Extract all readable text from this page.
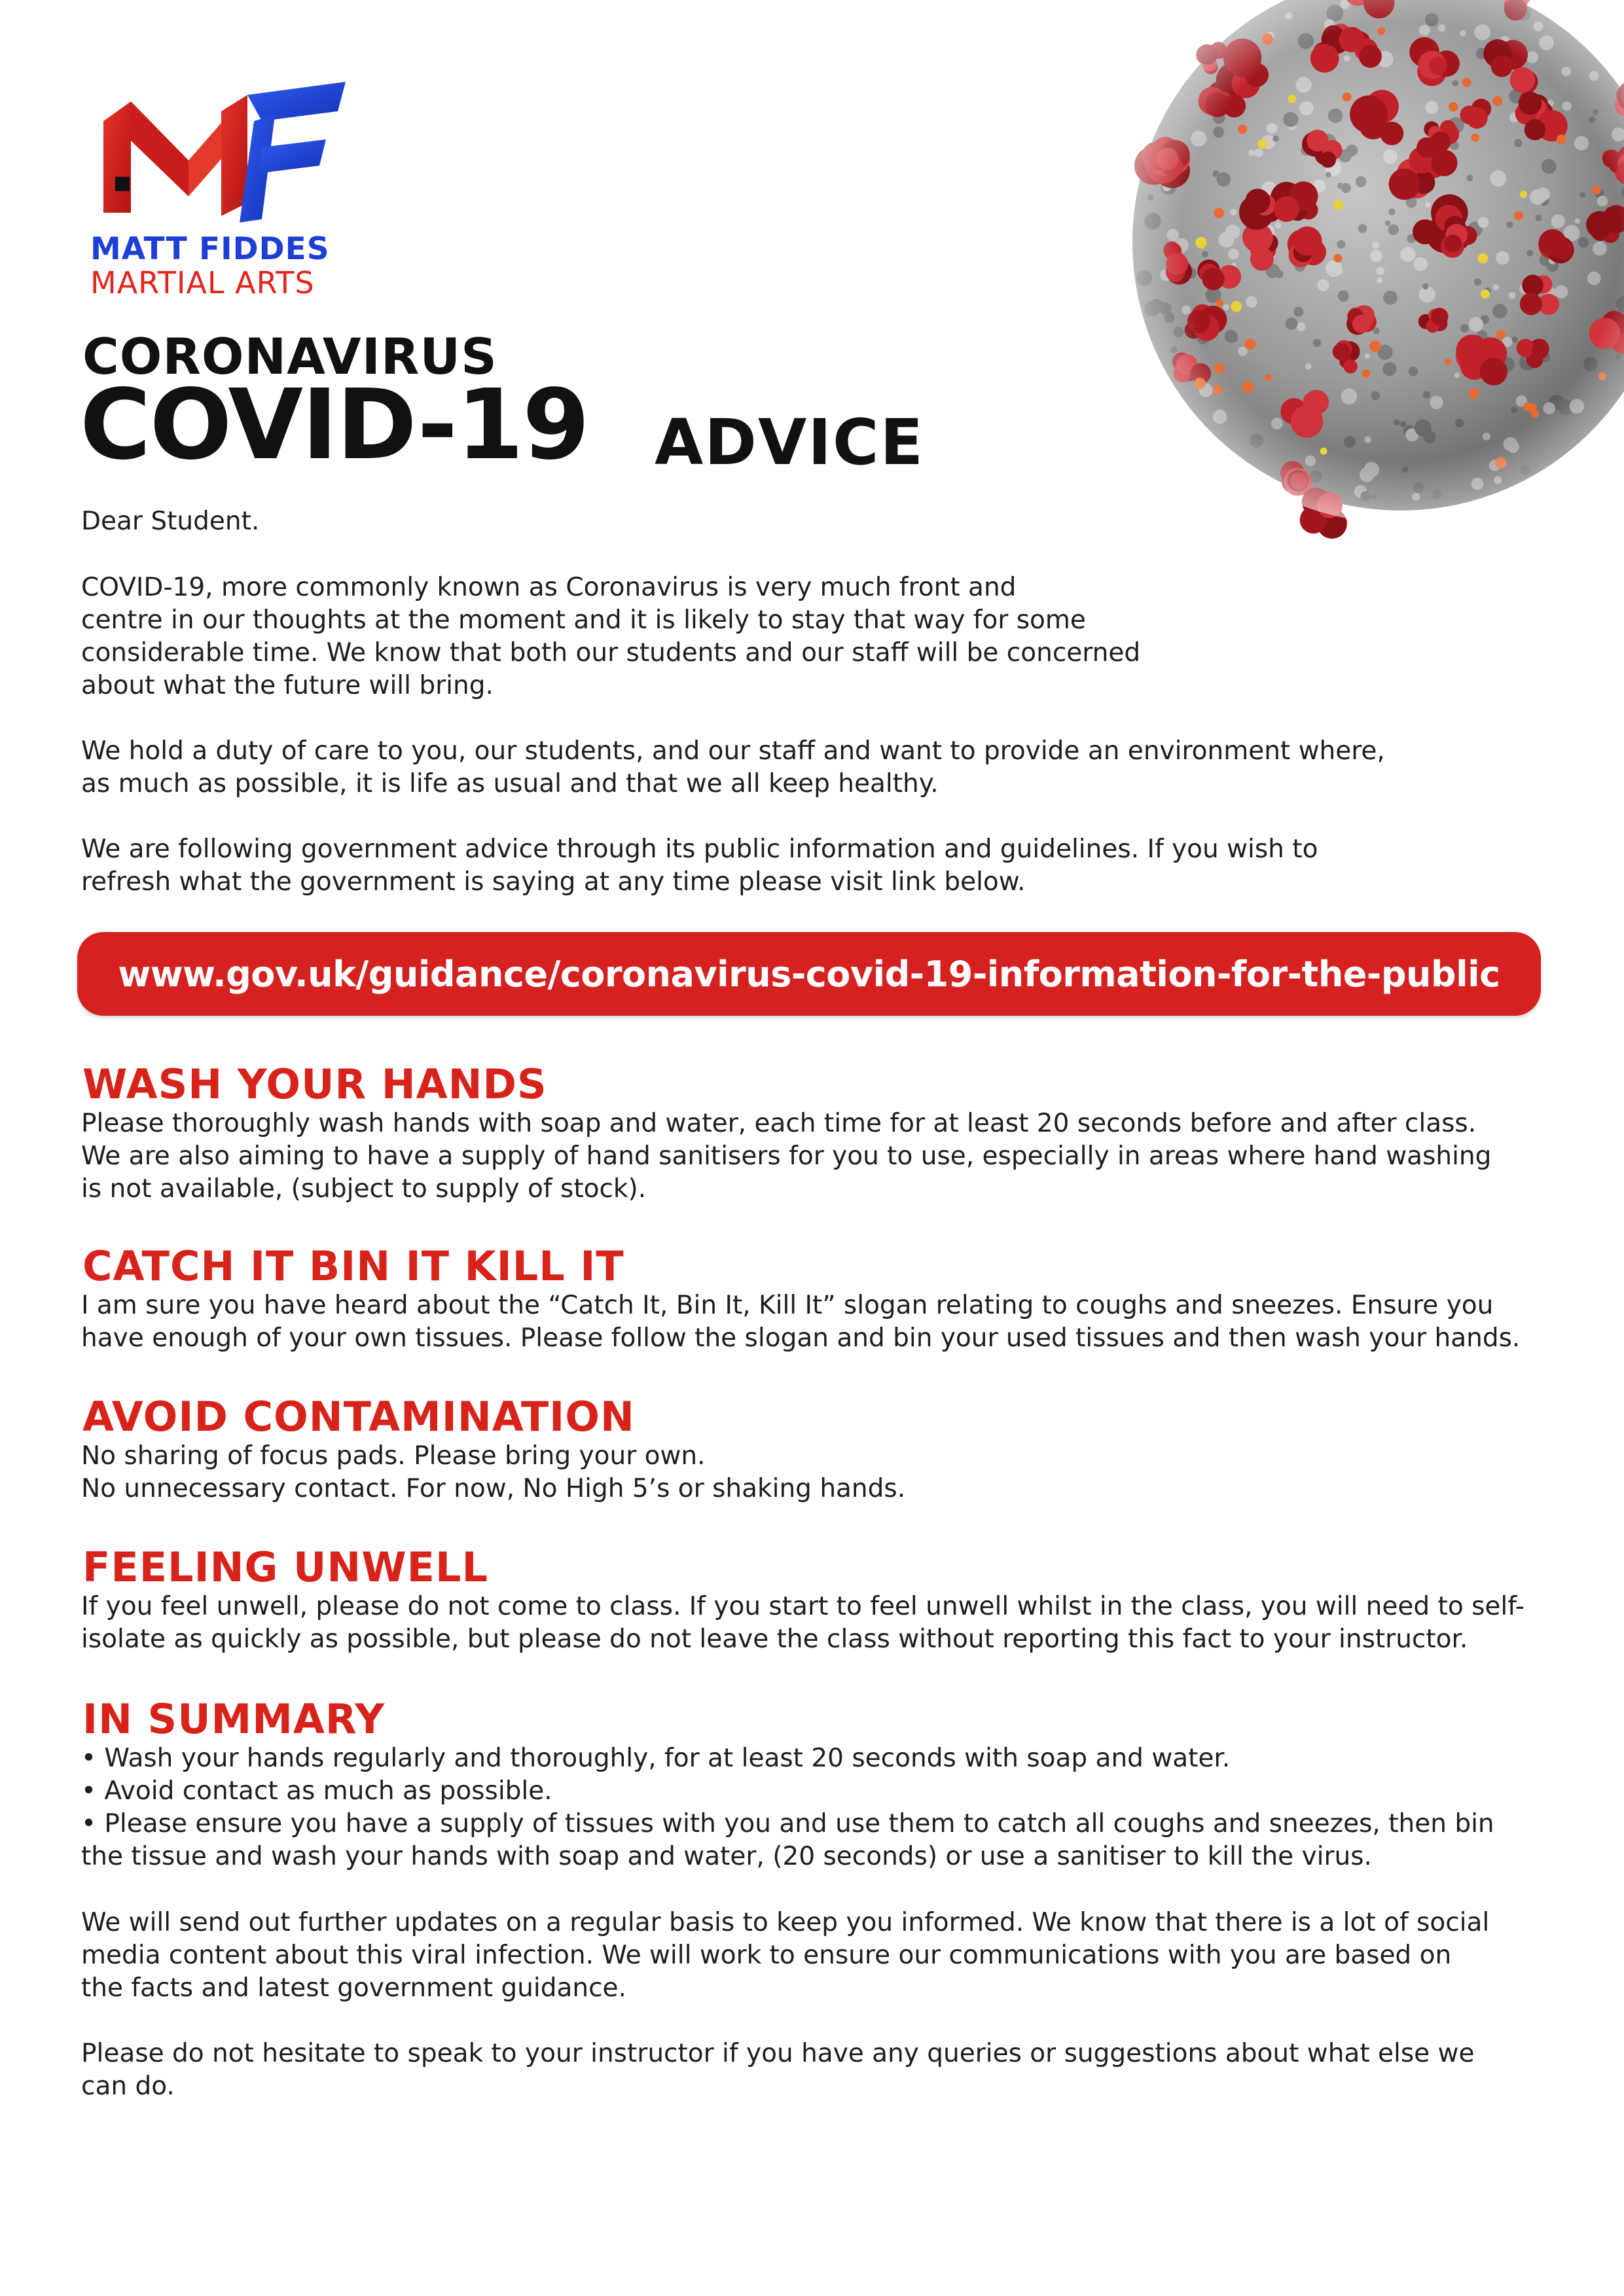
MATT FIDDES
MARTIAL ARTS
CORONAVIRUS
COVID-19 ADVICE
Dear Student.
COVID-19, more commonly known as Coronavirus is very much front and
centre in our thoughts at the moment and it is likely to stay that way for some
considerable time. We know that both our students and our staff will be concerned
about what the future will bring.
We hold a duty of care to you, our students, and our staff and want to provide an environment where,
as much as possible, it is life as usual and that we all keep healthy.
We are following government advice through its public information and guidelines. If you wish to
refresh what the government is saying at any time please visit link below.
www.gov.uk/guidance/coronavirus-covid-19-information-for-the-public
WASH YOUR HANDS
Please thoroughly wash hands with soap and water, each time for at least 20 seconds before and after class.
We are also aiming to have a supply of hand sanitisers for you to use, especially in areas where hand washing
is not available, (subject to supply of stock).
CATCH IT BIN IT KILL IT
I am sure you have heard about the “Catch It, Bin It, Kill It” slogan relating to coughs and sneezes. Ensure you
have enough of your own tissues. Please follow the slogan and bin your used tissues and then wash your hands.
AVOID CONTAMINATION
No sharing of focus pads. Please bring your own.
No unnecessary contact. For now, No High 5’s or shaking hands.
FEELING UNWELL
If you feel unwell, please do not come to class. If you start to feel unwell whilst in the class, you will need to self-
isolate as quickly as possible, but please do not leave the class without reporting this fact to your instructor.
IN SUMMARY
• Wash your hands regularly and thoroughly, for at least 20 seconds with soap and water.
• Avoid contact as much as possible.
• Please ensure you have a supply of tissues with you and use them to catch all coughs and sneezes, then bin
the tissue and wash your hands with soap and water, (20 seconds) or use a sanitiser to kill the virus.
We will send out further updates on a regular basis to keep you informed. We know that there is a lot of social
media content about this viral infection. We will work to ensure our communications with you are based on
the facts and latest government guidance.
Please do not hesitate to speak to your instructor if you have any queries or suggestions about what else we
can do.
